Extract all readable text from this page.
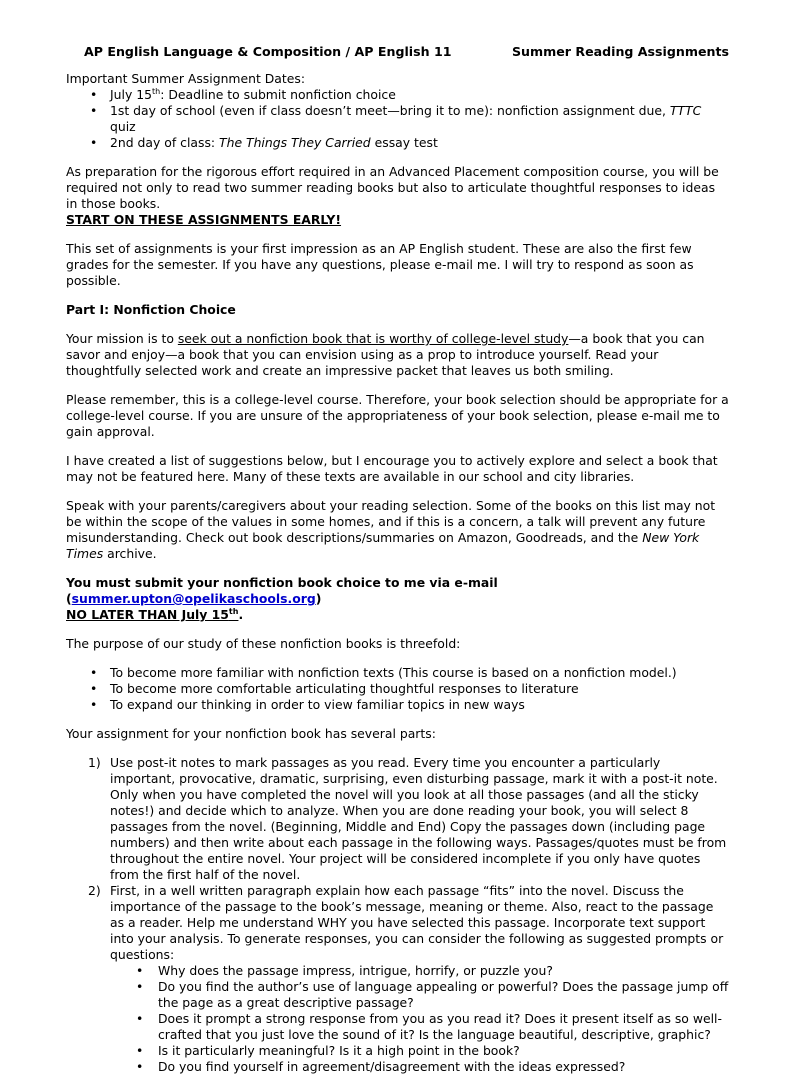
AP English Language & Composition / AP English 11	Summer Reading Assignments
Important Summer Assignment Dates:
• July 15th: Deadline to submit nonfiction choice
• 1st day of school (even if class doesn’t meet—bring it to me): nonfiction assignment due, TTTC quiz
• 2nd day of class: The Things They Carried essay test

As preparation for the rigorous effort required in an Advanced Placement composition course, you will be required not only to read two summer reading books but also to articulate thoughtful responses to ideas in those books.
START ON THESE ASSIGNMENTS EARLY!

This set of assignments is your first impression as an AP English student. These are also the first few grades for the semester. If you have any questions, please e-mail me. I will try to respond as soon as possible.

Part I: Nonfiction Choice

Your mission is to seek out a nonfiction book that is worthy of college-level study—a book that you can savor and enjoy—a book that you can envision using as a prop to introduce yourself. Read your thoughtfully selected work and create an impressive packet that leaves us both smiling.

Please remember, this is a college-level course. Therefore, your book selection should be appropriate for a college-level course. If you are unsure of the appropriateness of your book selection, please e-mail me to gain approval.

I have created a list of suggestions below, but I encourage you to actively explore and select a book that may not be featured here. Many of these texts are available in our school and city libraries.

Speak with your parents/caregivers about your reading selection. Some of the books on this list may not be within the scope of the values in some homes, and if this is a concern, a talk will prevent any future misunderstanding. Check out book descriptions/summaries on Amazon, Goodreads, and the New York Times archive.

You must submit your nonfiction book choice to me via e-mail (summer.upton@opelikaschools.org)
NO LATER THAN July 15th.

The purpose of our study of these nonfiction books is threefold:
• To become more familiar with nonfiction texts (This course is based on a nonfiction model.)
• To become more comfortable articulating thoughtful responses to literature
• To expand our thinking in order to view familiar topics in new ways
Your assignment for your nonfiction book has several parts:
1) Use post-it notes to mark passages as you read. Every time you encounter a particularly important, provocative, dramatic, surprising, even disturbing passage, mark it with a post-it note. Only when you have completed the novel will you look at all those passages (and all the sticky notes!) and decide which to analyze. When you are done reading your book, you will select 8 passages from the novel. (Beginning, Middle and End) Copy the passages down (including page numbers) and then write about each passage in the following ways. Passages/quotes must be from throughout the entire novel. Your project will be considered incomplete if you only have quotes from the first half of the novel.
2) First, in a well written paragraph explain how each passage “fits” into the novel. Discuss the importance of the passage to the book’s message, meaning or theme. Also, react to the passage as a reader. Help me understand WHY you have selected this passage. Incorporate text support into your analysis. To generate responses, you can consider the following as suggested prompts or questions:
• Why does the passage impress, intrigue, horrify, or puzzle you?
• Do you find the author’s use of language appealing or powerful? Does the passage jump off the page as a great descriptive passage?
• Does it prompt a strong response from you as you read it? Does it present itself as so well-crafted that you just love the sound of it? Is the language beautiful, descriptive, graphic?
• Is it particularly meaningful? Is it a high point in the book?
• Do you find yourself in agreement/disagreement with the ideas expressed?
